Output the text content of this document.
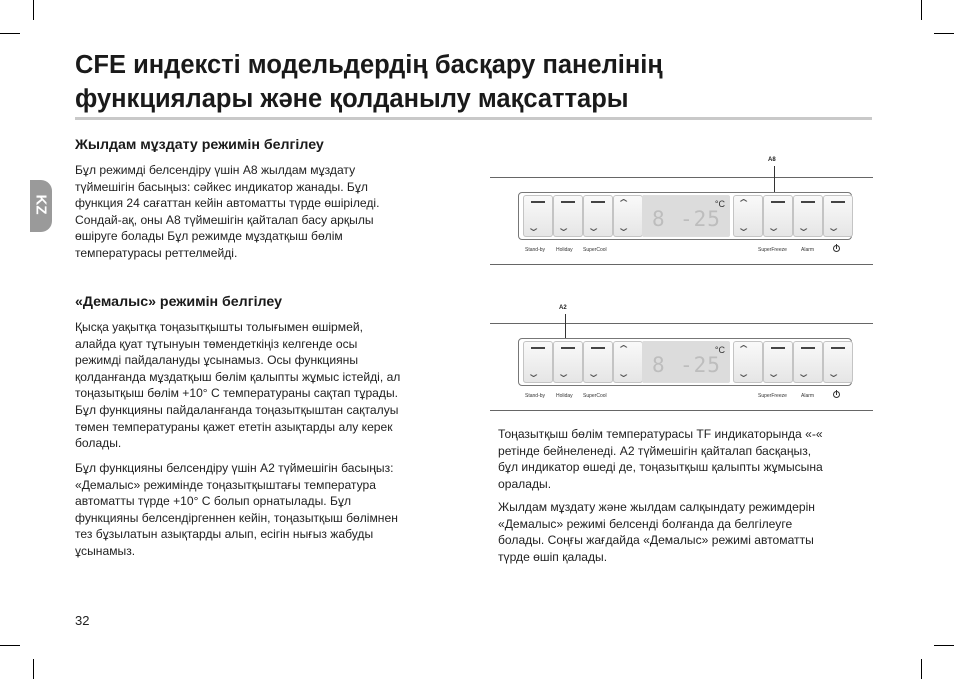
CFE индексті модельдердің басқару панелінің
функциялары және қолданылу мақсаттары
KZ
Жылдам мұздату режимін белгілеу
Бұл режимді белсендіру үшін А8 жылдам мұздату
түймешігін басыңыз: сәйкес индикатор жанады. Бұл
функция 24 сағаттан кейін автоматты түрде өшіріледі.
Сондай-ақ, оны А8 түймешігін қайталап басу арқылы
өшіруге болады Бұл режимде мұздатқыш бөлім
температурасы реттелмейді.
«Демалыс» режимін белгілеу
Қысқа уақытқа тоңазытқышты толығымен өшірмей,
алайда қуат тұтынуын төмендеткіңіз келгенде осы
режимді пайдалануды ұсынамыз. Осы функцияны
қолданғанда мұздатқыш бөлім қалыпты жұмыс істейді, ал
тоңазытқыш бөлім +10° С температураны сақтап тұрады.
Бұл функцияны пайдаланғанда тоңазытқыштан сақталуы
төмен температураны қажет ететін азықтарды алу керек
болады.
Бұл функцияны белсендіру үшін А2 түймешігін басыңыз:
«Демалыс» режимінде тоңазытқыштағы температура
автоматты түрде +10° С болып орнатылады. Бұл
функцияны белсендіргеннен кейін, тоңазытқыш бөлімнен
тез бұзылатын азықтарды алып, есігін нығыз жабуды
ұсынамыз.
Тоңазытқыш бөлім температурасы TF индикаторында «-«
ретінде бейнеленеді. А2 түймешігін қайталап басқаңыз,
бұл индикатор өшеді де, тоңазытқыш қалыпты жұмысына
оралады.
Жылдам мұздату және жылдам салқындату режимдерін
«Демалыс» режимі белсенді болғанда да белгілеуге
болады. Соңғы жағдайда «Демалыс» режимі автоматты
түрде өшіп қалады.
A8
⌄ ⌄ ⌄
⌃
⌄ 8 -25
°C ⌃
⌄ ⌄ ⌄ ⌄
Stand-by Holiday SuperCool	SuperFreeze	Alarm
A2
⌄ ⌄ ⌄
⌃
⌄ 8 -25
°C ⌃
⌄ ⌄ ⌄ ⌄
Stand-by Holiday SuperCool	SuperFreeze	Alarm
32
